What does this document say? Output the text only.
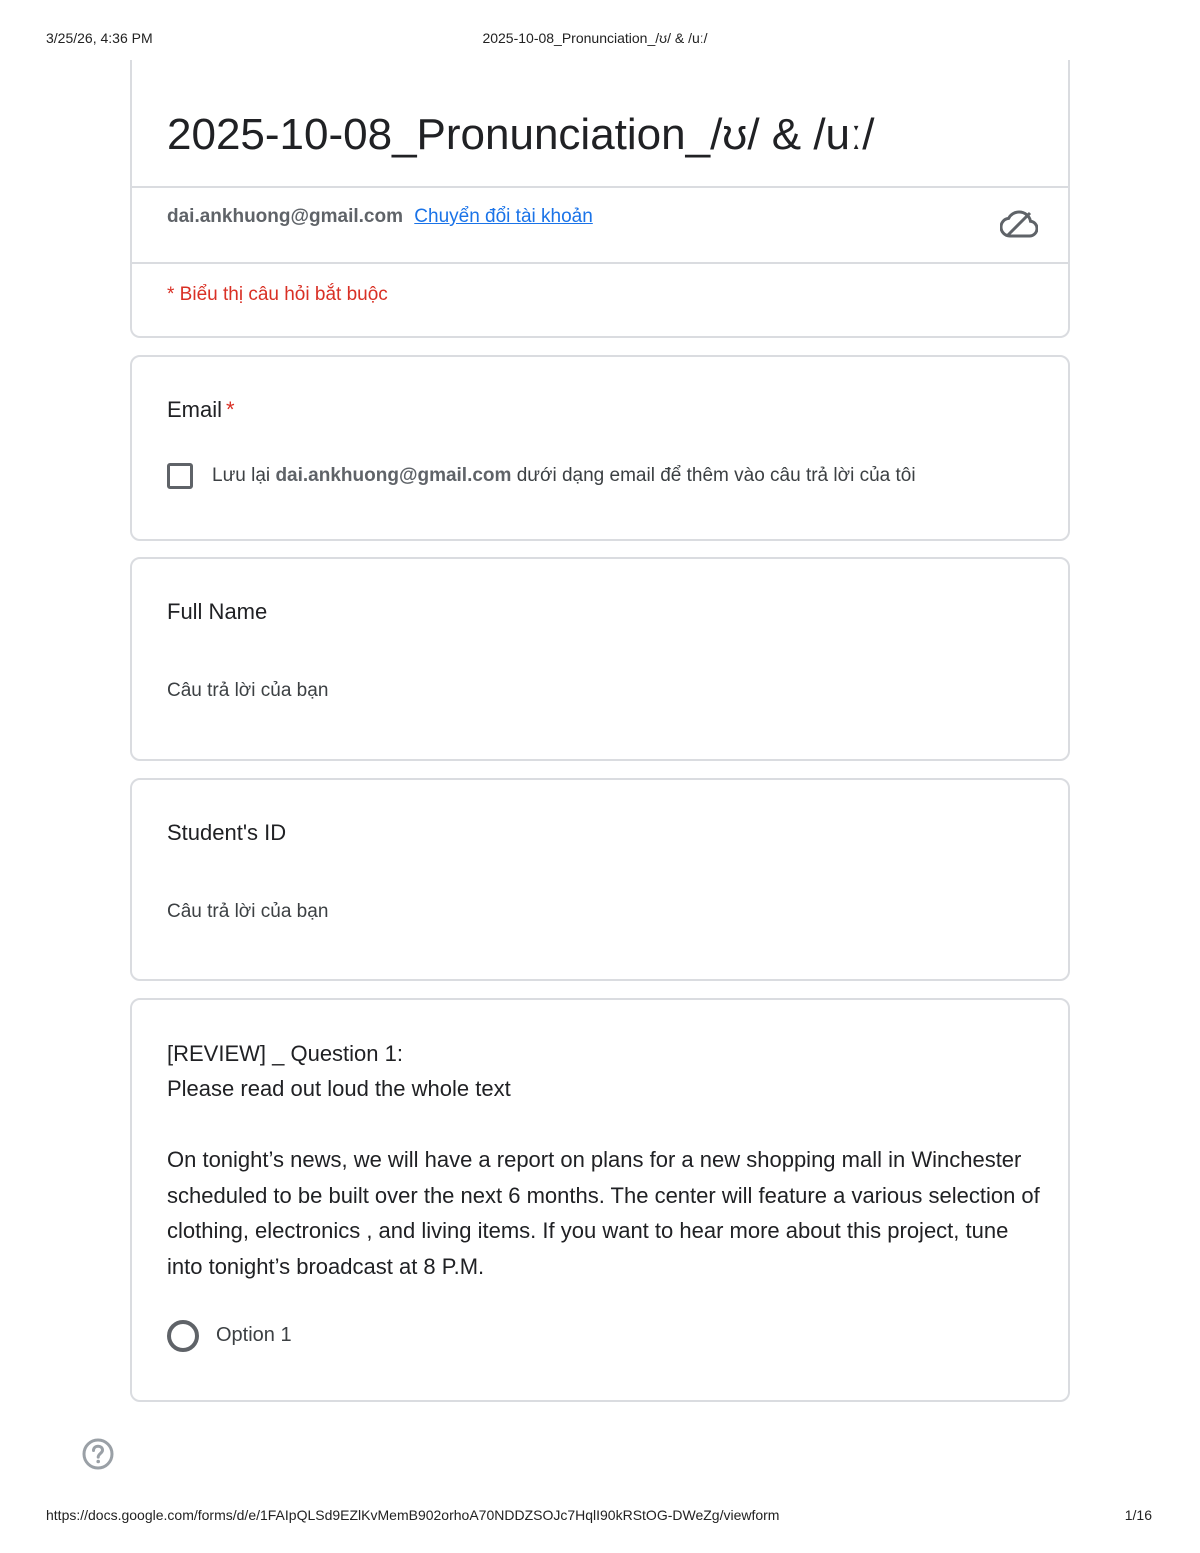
3/25/26, 4:36 PM	2025-10-08_Pronunciation_/ʊ/ & /uː/
2025-10-08_Pronunciation_/ʊ/ & /uː/
dai.ankhuong@gmail.com Chuyển đổi tài khoản
* Biểu thị câu hỏi bắt buộc
Email *
Lưu lại dai.ankhuong@gmail.com dưới dạng email để thêm vào câu trả lời của tôi
Full Name
Câu trả lời của bạn
Student's ID
Câu trả lời của bạn
[REVIEW] _ Question 1:
Please read out loud the whole text
On tonight’s news, we will have a report on plans for a new shopping mall in Winchester scheduled to be built over the next 6 months. The center will feature a various selection of clothing, electronics , and living items. If you want to hear more about this project, tune into tonight’s broadcast at 8 P.M.
Option 1
https://docs.google.com/forms/d/e/1FAIpQLSd9EZlKvMemB902orhoA70NDDZSOJc7HqlI90kRStOG-DWeZg/viewform	1/16
